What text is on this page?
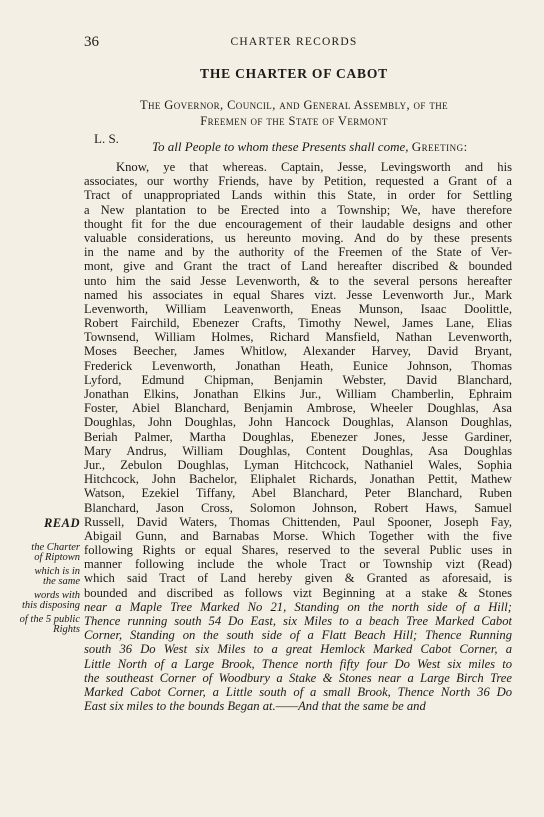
36	CHARTER RECORDS
THE CHARTER OF CABOT
The Governor, Council, and General Assembly, of the
Freemen of the State of Vermont
L. S.
To all People to whom these Presents shall come, Greeting:
Know, ye that whereas. Captain, Jesse, Levingsworth and his
associates, our worthy Friends, have by Petition, requested a Grant of a
Tract of unappropriated Lands within this State, in order for Settling
a New plantation to be Erected into a Township; We, have therefore
thought fit for the due encouragement of their laudable designs and other
valuable considerations, us hereunto moving. And do by these presents
in the name and by the authority of the Freemen of the State of Ver-
mont, give and Grant the tract of Land hereafter discribed & bounded
unto him the said Jesse Levenworth, & to the several persons hereafter
named his associates in equal Shares vizt. Jesse Levenworth Jur., Mark
Levenworth, William Leavenworth, Eneas Munson, Isaac Doolittle,
Robert Fairchild, Ebenezer Crafts, Timothy Newel, James Lane, Elias
Townsend, William Holmes, Richard Mansfield, Nathan Levenworth,
Moses Beecher, James Whitlow, Alexander Harvey, David Bryant,
Frederick Levenworth, Jonathan Heath, Eunice Johnson, Thomas
Lyford, Edmund Chipman, Benjamin Webster, David Blanchard,
Jonathan Elkins, Jonathan Elkins Jur., William Chamberlin, Ephraim
Foster, Abiel Blanchard, Benjamin Ambrose, Wheeler Doughlas, Asa
Doughlas, John Doughlas, John Hancock Doughlas, Alanson Doughlas,
Beriah Palmer, Martha Doughlas, Ebenezer Jones, Jesse Gardiner,
Mary Andrus, William Doughlas, Content Doughlas, Asa Doughlas
Jur., Zebulon Doughlas, Lyman Hitchcock, Nathaniel Wales, Sophia
Hitchcock, John Bachelor, Eliphalet Richards, Jonathan Pettit, Mathew
Watson, Ezekiel Tiffany, Abel Blanchard, Peter Blanchard, Ruben
Blanchard, Jason Cross, Solomon Johnson, Robert Haws, Samuel
Russell, David Waters, Thomas Chittenden, Paul Spooner, Joseph Fay,
Abigail Gunn, and Barnabas Morse. Which Together with the five
following Rights or equal Shares, reserved to the several Public uses in
manner following include the whole Tract or Township vizt (Read)
which said Tract of Land hereby given & Granted as aforesaid, is
bounded and discribed as follows vizt Beginning at a stake & Stones
near a Maple Tree Marked No 21, Standing on the north side of a Hill;
Thence running south 54 Do East, six Miles to a beach Tree Marked Cabot
Corner, Standing on the south side of a Flatt Beach Hill; Thence Running
south 36 Do West six Miles to a great Hemlock Marked Cabot Corner, a
Little North of a Large Brook, Thence north fifty four Do West six miles to
the southeast Corner of Woodbury a Stake & Stones near a Large Birch Tree
Marked Cabot Corner, a Little south of a small Brook, Thence North 36 Do
East six miles to the bounds Began at.——And that the same be and
READ
the Charter
of Riptown
which is in
the same
words with
this disposing
of the 5 public
Rights
